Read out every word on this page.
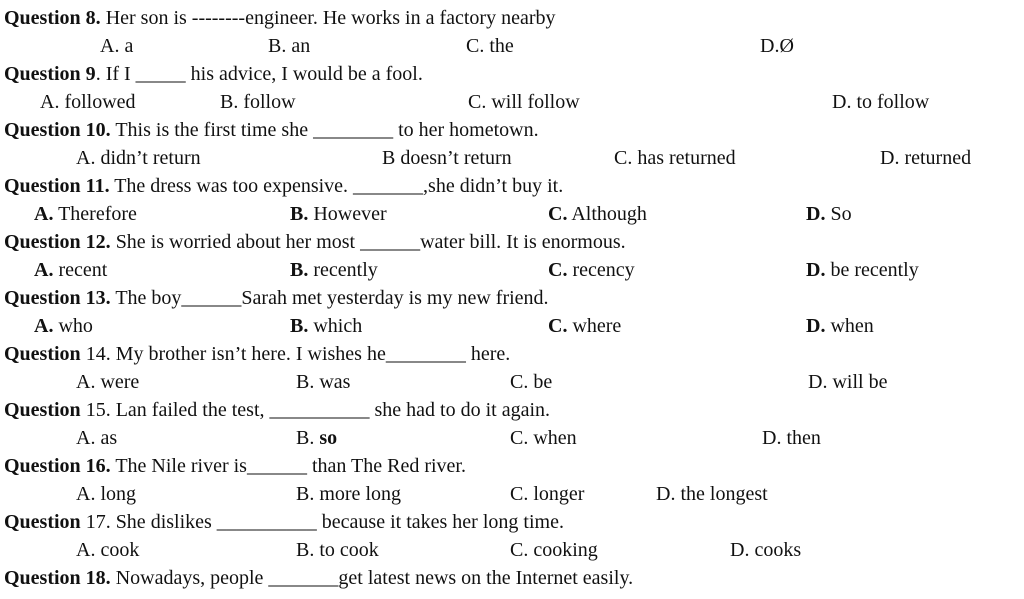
Question 8. Her son is --------engineer. He works in a factory nearby
A. a	B. an	C. the	D.Ø
Question 9. If I _____ his advice, I would be a fool.
A. followed	B. follow	C. will follow	D. to follow
Question 10. This is the first time she ________ to her hometown.
A. didn’t return	B doesn’t return	C. has returned	D. returned
Question 11. The dress was too expensive. _______,she didn’t buy it.
A. Therefore	B. However	C. Although	D. So
Question 12. She is worried about her most ______water bill. It is enormous.
A. recent	B. recently	C. recency	D. be recently
Question 13. The boy______Sarah met yesterday is my new friend.
A. who	B. which	C. where	D. when
Question 14. My brother isn’t here. I wishes he________ here.
A. were	B. was	C. be	D. will be
Question 15. Lan failed the test, __________ she had to do it again.
A. as	B. so	C. when	D. then
Question 16. The Nile river is______ than The Red river.
A. long	B. more long	C. longer	D. the longest
Question 17. She dislikes __________ because it takes her long time.
A. cook	B. to cook	C. cooking	D. cooks
Question 18. Nowadays, people _______get latest news on the Internet easily.
